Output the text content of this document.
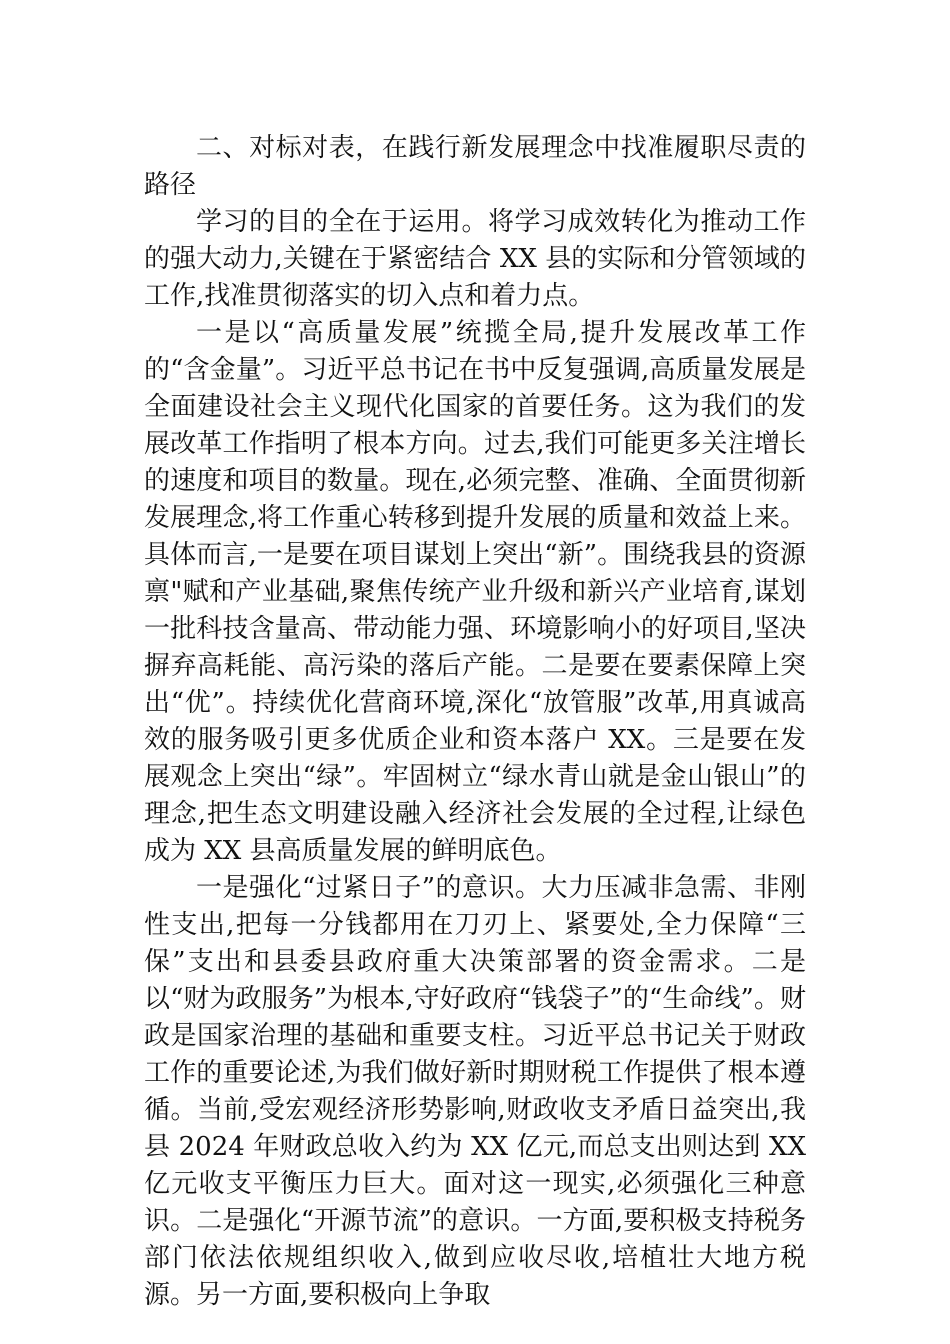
二、对标对表，在践行新发展理念中找准履职尽责的路径

学习的目的全在于运用。将学习成效转化为推动工作的强大动力,关键在于紧密结合 XX 县的实际和分管领域的工作,找准贯彻落实的切入点和着力点。

一是以“高质量发展”统揽全局,提升发展改革工作的“含金量”。习近平总书记在书中反复强调,高质量发展是全面建设社会主义现代化国家的首要任务。这为我们的发展改革工作指明了根本方向。过去,我们可能更多关注增长的速度和项目的数量。现在,必须完整、准确、全面贯彻新发展理念,将工作重心转移到提升发展的质量和效益上来。具体而言,一是要在项目谋划上突出“新”。围绕我县的资源禀"赋和产业基础,聚焦传统产业升级和新兴产业培育,谋划一批科技含量高、带动能力强、环境影响小的好项目,坚决摒弃高耗能、高污染的落后产能。二是要在要素保障上突出“优”。持续优化营商环境,深化“放管服”改革,用真诚高效的服务吸引更多优质企业和资本落户 XX。三是要在发展观念上突出“绿”。牢固树立“绿水青山就是金山银山”的理念,把生态文明建设融入经济社会发展的全过程,让绿色成为 XX 县高质量发展的鲜明底色。

一是强化“过紧日子”的意识。大力压减非急需、非刚性支出,把每一分钱都用在刀刃上、紧要处,全力保障“三保”支出和县委县政府重大决策部署的资金需求。二是以“财为政服务”为根本,守好政府“钱袋子”的“生命线”。财政是国家治理的基础和重要支柱。习近平总书记关于财政工作的重要论述,为我们做好新时期财税工作提供了根本遵循。当前,受宏观经济形势影响,财政收支矛盾日益突出,我县 2024 年财政总收入约为 XX 亿元,而总支出则达到 XX 亿元收支平衡压力巨大。面对这一现实,必须强化三种意识。二是强化“开源节流”的意识。一方面,要积极支持税务部门依法依规组织收入,做到应收尽收,培植壮大地方税源。另一方面,要积极向上争取
